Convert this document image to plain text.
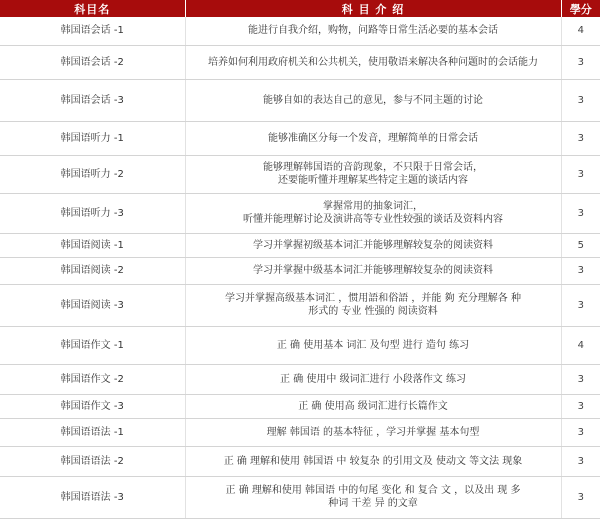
科目名	科 目 介 绍	學分
韩国语会话 -1	能进行自我介绍，购物，问路等日常生活必要的基本会话	4
韩国语会话 -2	培养如何利用政府机关和公共机关，使用敬语来解决各种问题时的会话能力	3
韩国语会话 -3	能够自如的表达自己的意见，参与不同主题的讨论	3
韩国语听力 -1	能够准确区分每一个发音，理解简单的日常会话	3
韩国语听力 -2	能够理解韩国语的音韵现象，不只限于日常会话，
还要能听懂并理解某些特定主题的谈话内容	3
韩国语听力 -3	掌握常用的抽象词汇，
听懂并能理解讨论及演讲高等专业性较强的谈话及资料内容	3
韩国语阅读 -1	学习并掌握初级基本词汇并能够理解较复杂的阅读资料	5
韩国语阅读 -2	学习并掌握中级基本词汇并能够理解较复杂的阅读资料	3
韩国语阅读 -3	学习并掌握高级基本词汇 ，惯用語和俗語 ，并能 夠 充分理解各 种
形式的 专业 性强的 阅读资料	3
韩国语作文 -1	正 确 使用基本 词汇 及句型 进行 造句 练习	4
韩国语作文 -2	正 确 使用中 级词汇进行 小段落作文 练习	3
韩国语作文 -3	正 确 使用高 级词汇进行长篇作文	3
韩国语语法 -1	理解 韩国语 的基本特征 ，学习并掌握 基本句型	3
韩国语语法 -2	正 确 理解和使用 韩国语 中 较复杂 的引用文及 使动文 等文法 现象	3
韩国语语法 -3	正 确 理解和使用 韩国语 中的句尾 变化 和 复合 文 ，以及出 现 多
种词 干差 异 的文章	3
